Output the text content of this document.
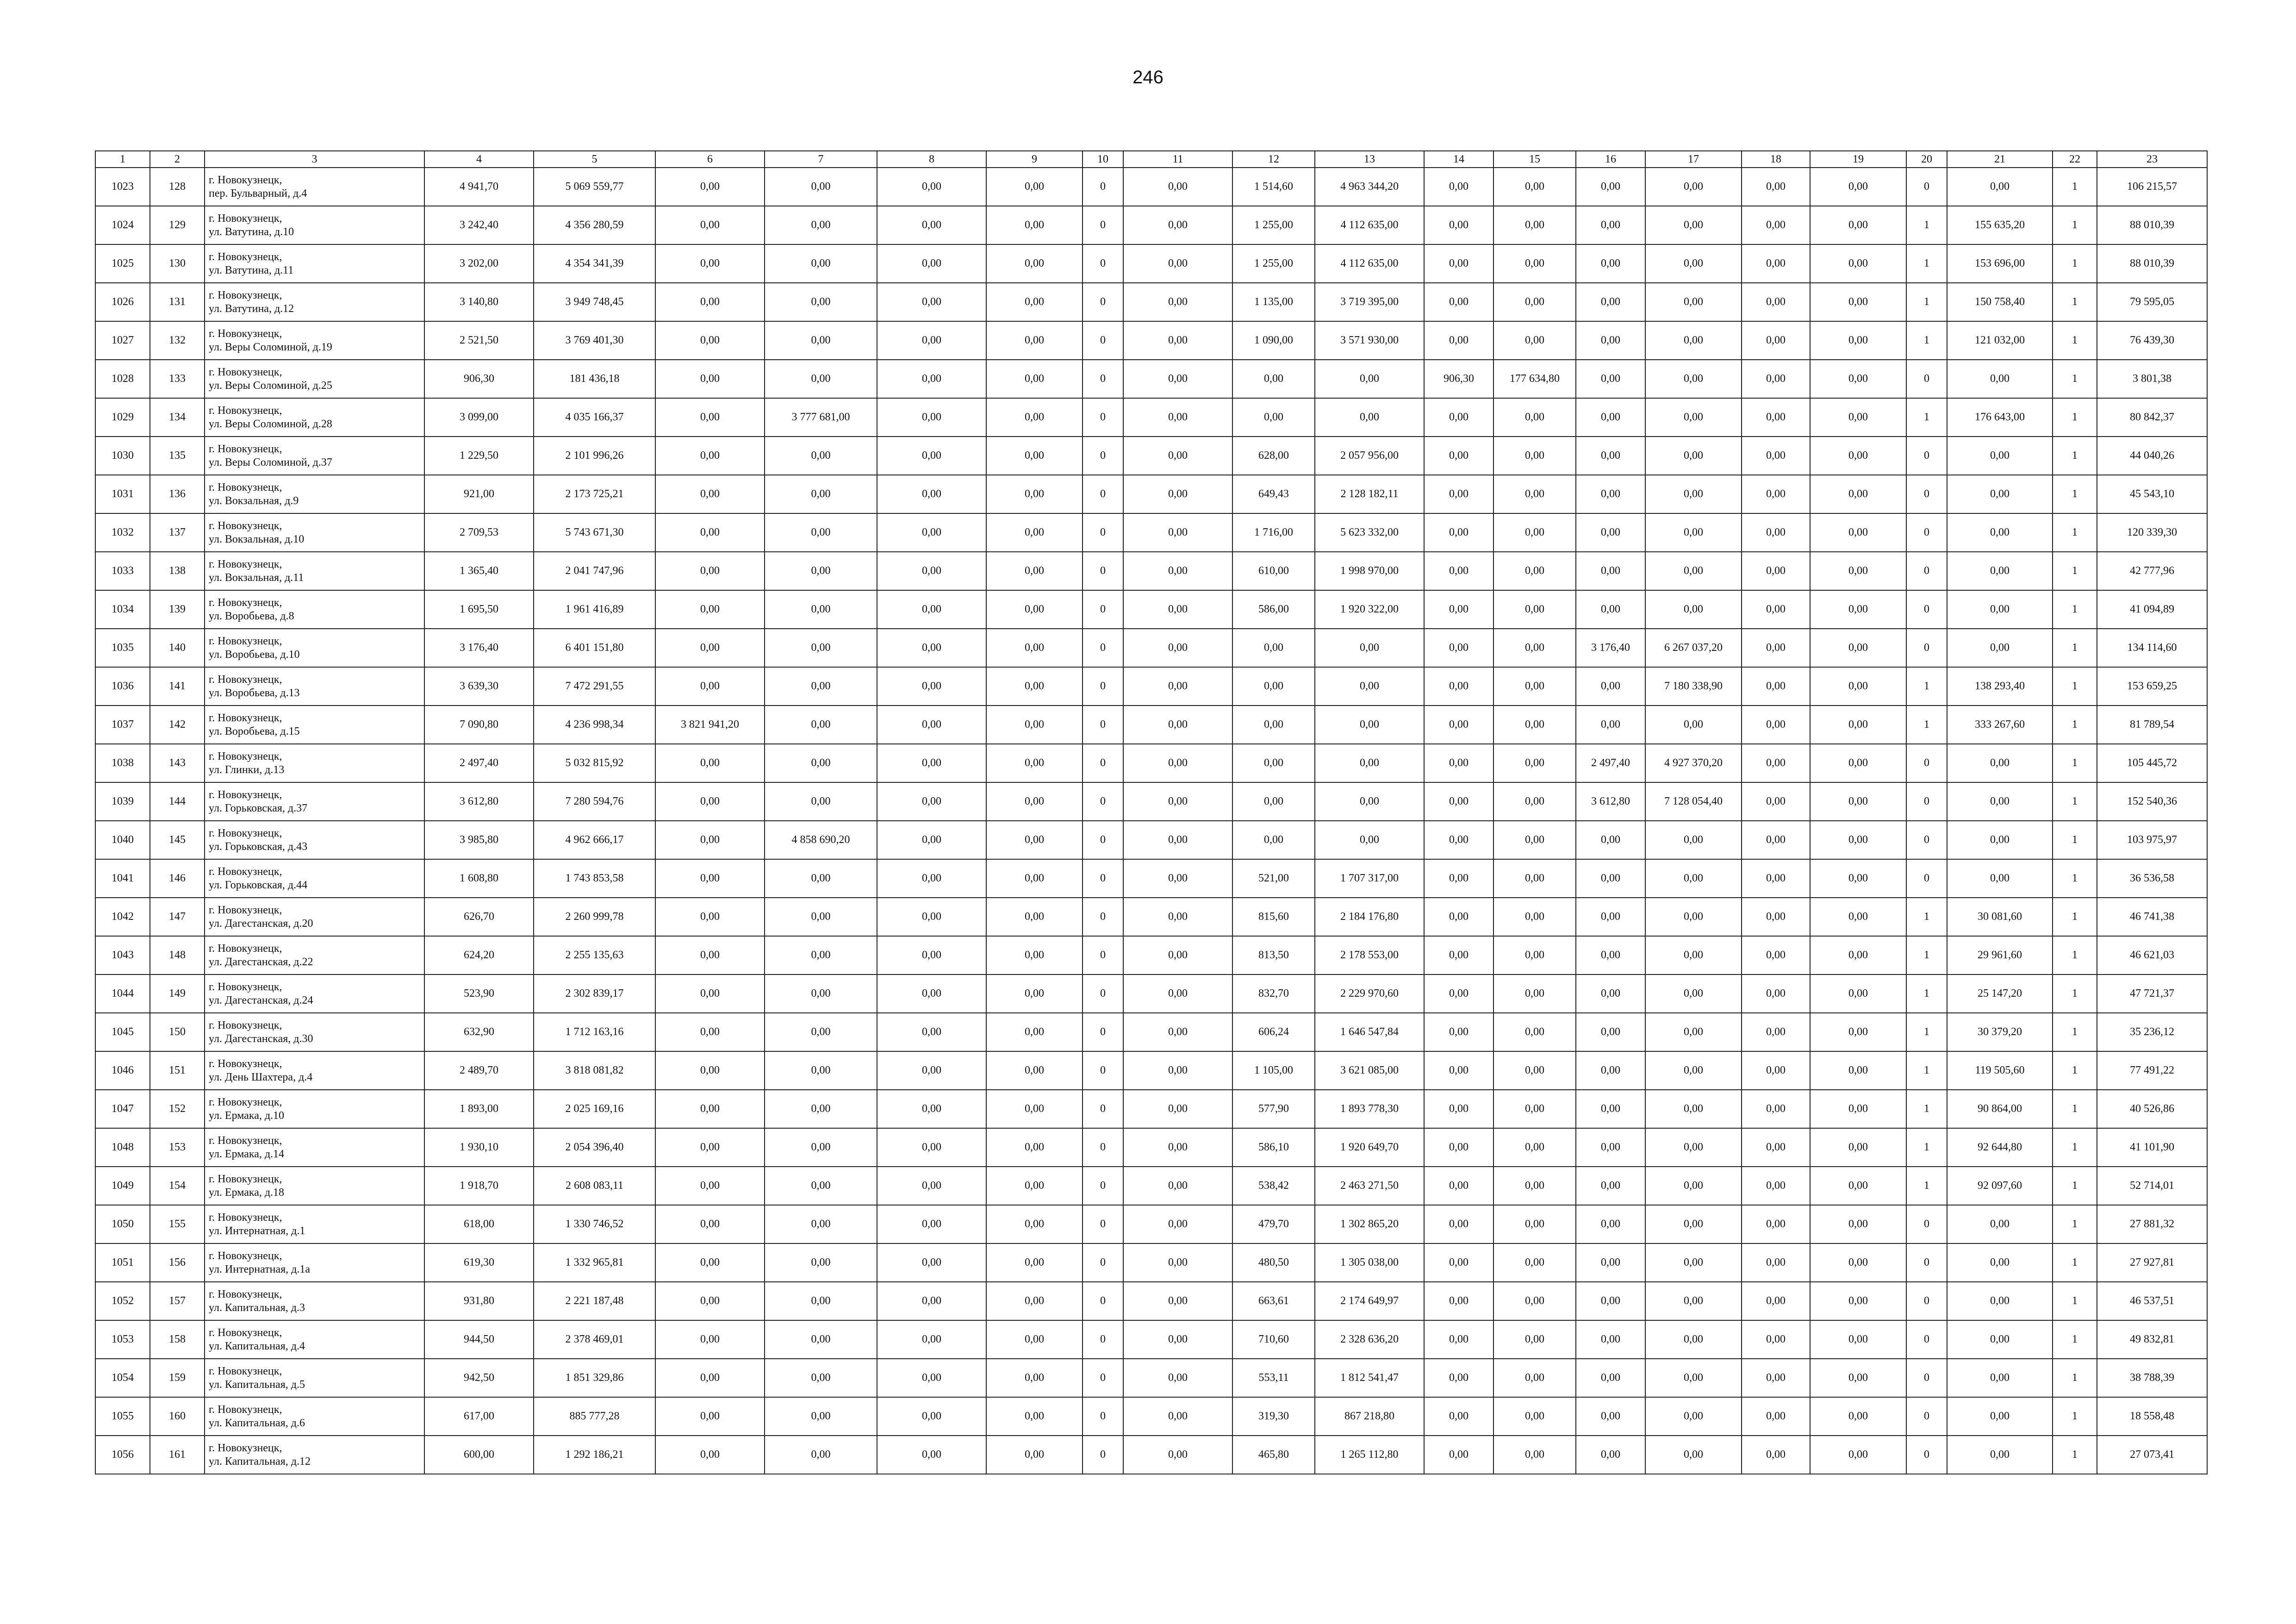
246
1	2	3	4	5	6	7	8	9	10	11	12	13	14	15	16	17	18	19	20	21	22	23
1023	128	г. Новокузнецк,
пер. Бульварный, д.4	4 941,70	5 069 559,77	0,00	0,00	0,00	0,00	0	0,00	1 514,60	4 963 344,20	0,00	0,00	0,00	0,00	0,00	0,00	0	0,00	1	106 215,57
1024	129	г. Новокузнецк,
ул. Ватутина, д.10	3 242,40	4 356 280,59	0,00	0,00	0,00	0,00	0	0,00	1 255,00	4 112 635,00	0,00	0,00	0,00	0,00	0,00	0,00	1	155 635,20	1	88 010,39
1025	130	г. Новокузнецк,
ул. Ватутина, д.11	3 202,00	4 354 341,39	0,00	0,00	0,00	0,00	0	0,00	1 255,00	4 112 635,00	0,00	0,00	0,00	0,00	0,00	0,00	1	153 696,00	1	88 010,39
1026	131	г. Новокузнецк,
ул. Ватутина, д.12	3 140,80	3 949 748,45	0,00	0,00	0,00	0,00	0	0,00	1 135,00	3 719 395,00	0,00	0,00	0,00	0,00	0,00	0,00	1	150 758,40	1	79 595,05
1027	132	г. Новокузнецк,
ул. Веры Соломиной, д.19	2 521,50	3 769 401,30	0,00	0,00	0,00	0,00	0	0,00	1 090,00	3 571 930,00	0,00	0,00	0,00	0,00	0,00	0,00	1	121 032,00	1	76 439,30
1028	133	г. Новокузнецк,
ул. Веры Соломиной, д.25	906,30	181 436,18	0,00	0,00	0,00	0,00	0	0,00	0,00	0,00	906,30	177 634,80	0,00	0,00	0,00	0,00	0	0,00	1	3 801,38
1029	134	г. Новокузнецк,
ул. Веры Соломиной, д.28	3 099,00	4 035 166,37	0,00	3 777 681,00	0,00	0,00	0	0,00	0,00	0,00	0,00	0,00	0,00	0,00	0,00	0,00	1	176 643,00	1	80 842,37
1030	135	г. Новокузнецк,
ул. Веры Соломиной, д.37	1 229,50	2 101 996,26	0,00	0,00	0,00	0,00	0	0,00	628,00	2 057 956,00	0,00	0,00	0,00	0,00	0,00	0,00	0	0,00	1	44 040,26
1031	136	г. Новокузнецк,
ул. Вокзальная, д.9	921,00	2 173 725,21	0,00	0,00	0,00	0,00	0	0,00	649,43	2 128 182,11	0,00	0,00	0,00	0,00	0,00	0,00	0	0,00	1	45 543,10
1032	137	г. Новокузнецк,
ул. Вокзальная, д.10	2 709,53	5 743 671,30	0,00	0,00	0,00	0,00	0	0,00	1 716,00	5 623 332,00	0,00	0,00	0,00	0,00	0,00	0,00	0	0,00	1	120 339,30
1033	138	г. Новокузнецк,
ул. Вокзальная, д.11	1 365,40	2 041 747,96	0,00	0,00	0,00	0,00	0	0,00	610,00	1 998 970,00	0,00	0,00	0,00	0,00	0,00	0,00	0	0,00	1	42 777,96
1034	139	г. Новокузнецк,
ул. Воробьева, д.8	1 695,50	1 961 416,89	0,00	0,00	0,00	0,00	0	0,00	586,00	1 920 322,00	0,00	0,00	0,00	0,00	0,00	0,00	0	0,00	1	41 094,89
1035	140	г. Новокузнецк,
ул. Воробьева, д.10	3 176,40	6 401 151,80	0,00	0,00	0,00	0,00	0	0,00	0,00	0,00	0,00	0,00	3 176,40	6 267 037,20	0,00	0,00	0	0,00	1	134 114,60
1036	141	г. Новокузнецк,
ул. Воробьева, д.13	3 639,30	7 472 291,55	0,00	0,00	0,00	0,00	0	0,00	0,00	0,00	0,00	0,00	0,00	7 180 338,90	0,00	0,00	1	138 293,40	1	153 659,25
1037	142	г. Новокузнецк,
ул. Воробьева, д.15	7 090,80	4 236 998,34	3 821 941,20	0,00	0,00	0,00	0	0,00	0,00	0,00	0,00	0,00	0,00	0,00	0,00	0,00	1	333 267,60	1	81 789,54
1038	143	г. Новокузнецк,
ул. Глинки, д.13	2 497,40	5 032 815,92	0,00	0,00	0,00	0,00	0	0,00	0,00	0,00	0,00	0,00	2 497,40	4 927 370,20	0,00	0,00	0	0,00	1	105 445,72
1039	144	г. Новокузнецк,
ул. Горьковская, д.37	3 612,80	7 280 594,76	0,00	0,00	0,00	0,00	0	0,00	0,00	0,00	0,00	0,00	3 612,80	7 128 054,40	0,00	0,00	0	0,00	1	152 540,36
1040	145	г. Новокузнецк,
ул. Горьковская, д.43	3 985,80	4 962 666,17	0,00	4 858 690,20	0,00	0,00	0	0,00	0,00	0,00	0,00	0,00	0,00	0,00	0,00	0,00	0	0,00	1	103 975,97
1041	146	г. Новокузнецк,
ул. Горьковская, д.44	1 608,80	1 743 853,58	0,00	0,00	0,00	0,00	0	0,00	521,00	1 707 317,00	0,00	0,00	0,00	0,00	0,00	0,00	0	0,00	1	36 536,58
1042	147	г. Новокузнецк,
ул. Дагестанская, д.20	626,70	2 260 999,78	0,00	0,00	0,00	0,00	0	0,00	815,60	2 184 176,80	0,00	0,00	0,00	0,00	0,00	0,00	1	30 081,60	1	46 741,38
1043	148	г. Новокузнецк,
ул. Дагестанская, д.22	624,20	2 255 135,63	0,00	0,00	0,00	0,00	0	0,00	813,50	2 178 553,00	0,00	0,00	0,00	0,00	0,00	0,00	1	29 961,60	1	46 621,03
1044	149	г. Новокузнецк,
ул. Дагестанская, д.24	523,90	2 302 839,17	0,00	0,00	0,00	0,00	0	0,00	832,70	2 229 970,60	0,00	0,00	0,00	0,00	0,00	0,00	1	25 147,20	1	47 721,37
1045	150	г. Новокузнецк,
ул. Дагестанская, д.30	632,90	1 712 163,16	0,00	0,00	0,00	0,00	0	0,00	606,24	1 646 547,84	0,00	0,00	0,00	0,00	0,00	0,00	1	30 379,20	1	35 236,12
1046	151	г. Новокузнецк,
ул. День Шахтера, д.4	2 489,70	3 818 081,82	0,00	0,00	0,00	0,00	0	0,00	1 105,00	3 621 085,00	0,00	0,00	0,00	0,00	0,00	0,00	1	119 505,60	1	77 491,22
1047	152	г. Новокузнецк,
ул. Ермака, д.10	1 893,00	2 025 169,16	0,00	0,00	0,00	0,00	0	0,00	577,90	1 893 778,30	0,00	0,00	0,00	0,00	0,00	0,00	1	90 864,00	1	40 526,86
1048	153	г. Новокузнецк,
ул. Ермака, д.14	1 930,10	2 054 396,40	0,00	0,00	0,00	0,00	0	0,00	586,10	1 920 649,70	0,00	0,00	0,00	0,00	0,00	0,00	1	92 644,80	1	41 101,90
1049	154	г. Новокузнецк,
ул. Ермака, д.18	1 918,70	2 608 083,11	0,00	0,00	0,00	0,00	0	0,00	538,42	2 463 271,50	0,00	0,00	0,00	0,00	0,00	0,00	1	92 097,60	1	52 714,01
1050	155	г. Новокузнецк,
ул. Интернатная, д.1	618,00	1 330 746,52	0,00	0,00	0,00	0,00	0	0,00	479,70	1 302 865,20	0,00	0,00	0,00	0,00	0,00	0,00	0	0,00	1	27 881,32
1051	156	г. Новокузнецк,
ул. Интернатная, д.1а	619,30	1 332 965,81	0,00	0,00	0,00	0,00	0	0,00	480,50	1 305 038,00	0,00	0,00	0,00	0,00	0,00	0,00	0	0,00	1	27 927,81
1052	157	г. Новокузнецк,
ул. Капитальная, д.3	931,80	2 221 187,48	0,00	0,00	0,00	0,00	0	0,00	663,61	2 174 649,97	0,00	0,00	0,00	0,00	0,00	0,00	0	0,00	1	46 537,51
1053	158	г. Новокузнецк,
ул. Капитальная, д.4	944,50	2 378 469,01	0,00	0,00	0,00	0,00	0	0,00	710,60	2 328 636,20	0,00	0,00	0,00	0,00	0,00	0,00	0	0,00	1	49 832,81
1054	159	г. Новокузнецк,
ул. Капитальная, д.5	942,50	1 851 329,86	0,00	0,00	0,00	0,00	0	0,00	553,11	1 812 541,47	0,00	0,00	0,00	0,00	0,00	0,00	0	0,00	1	38 788,39
1055	160	г. Новокузнецк,
ул. Капитальная, д.6	617,00	885 777,28	0,00	0,00	0,00	0,00	0	0,00	319,30	867 218,80	0,00	0,00	0,00	0,00	0,00	0,00	0	0,00	1	18 558,48
1056	161	г. Новокузнецк,
ул. Капитальная, д.12	600,00	1 292 186,21	0,00	0,00	0,00	0,00	0	0,00	465,80	1 265 112,80	0,00	0,00	0,00	0,00	0,00	0,00	0	0,00	1	27 073,41
